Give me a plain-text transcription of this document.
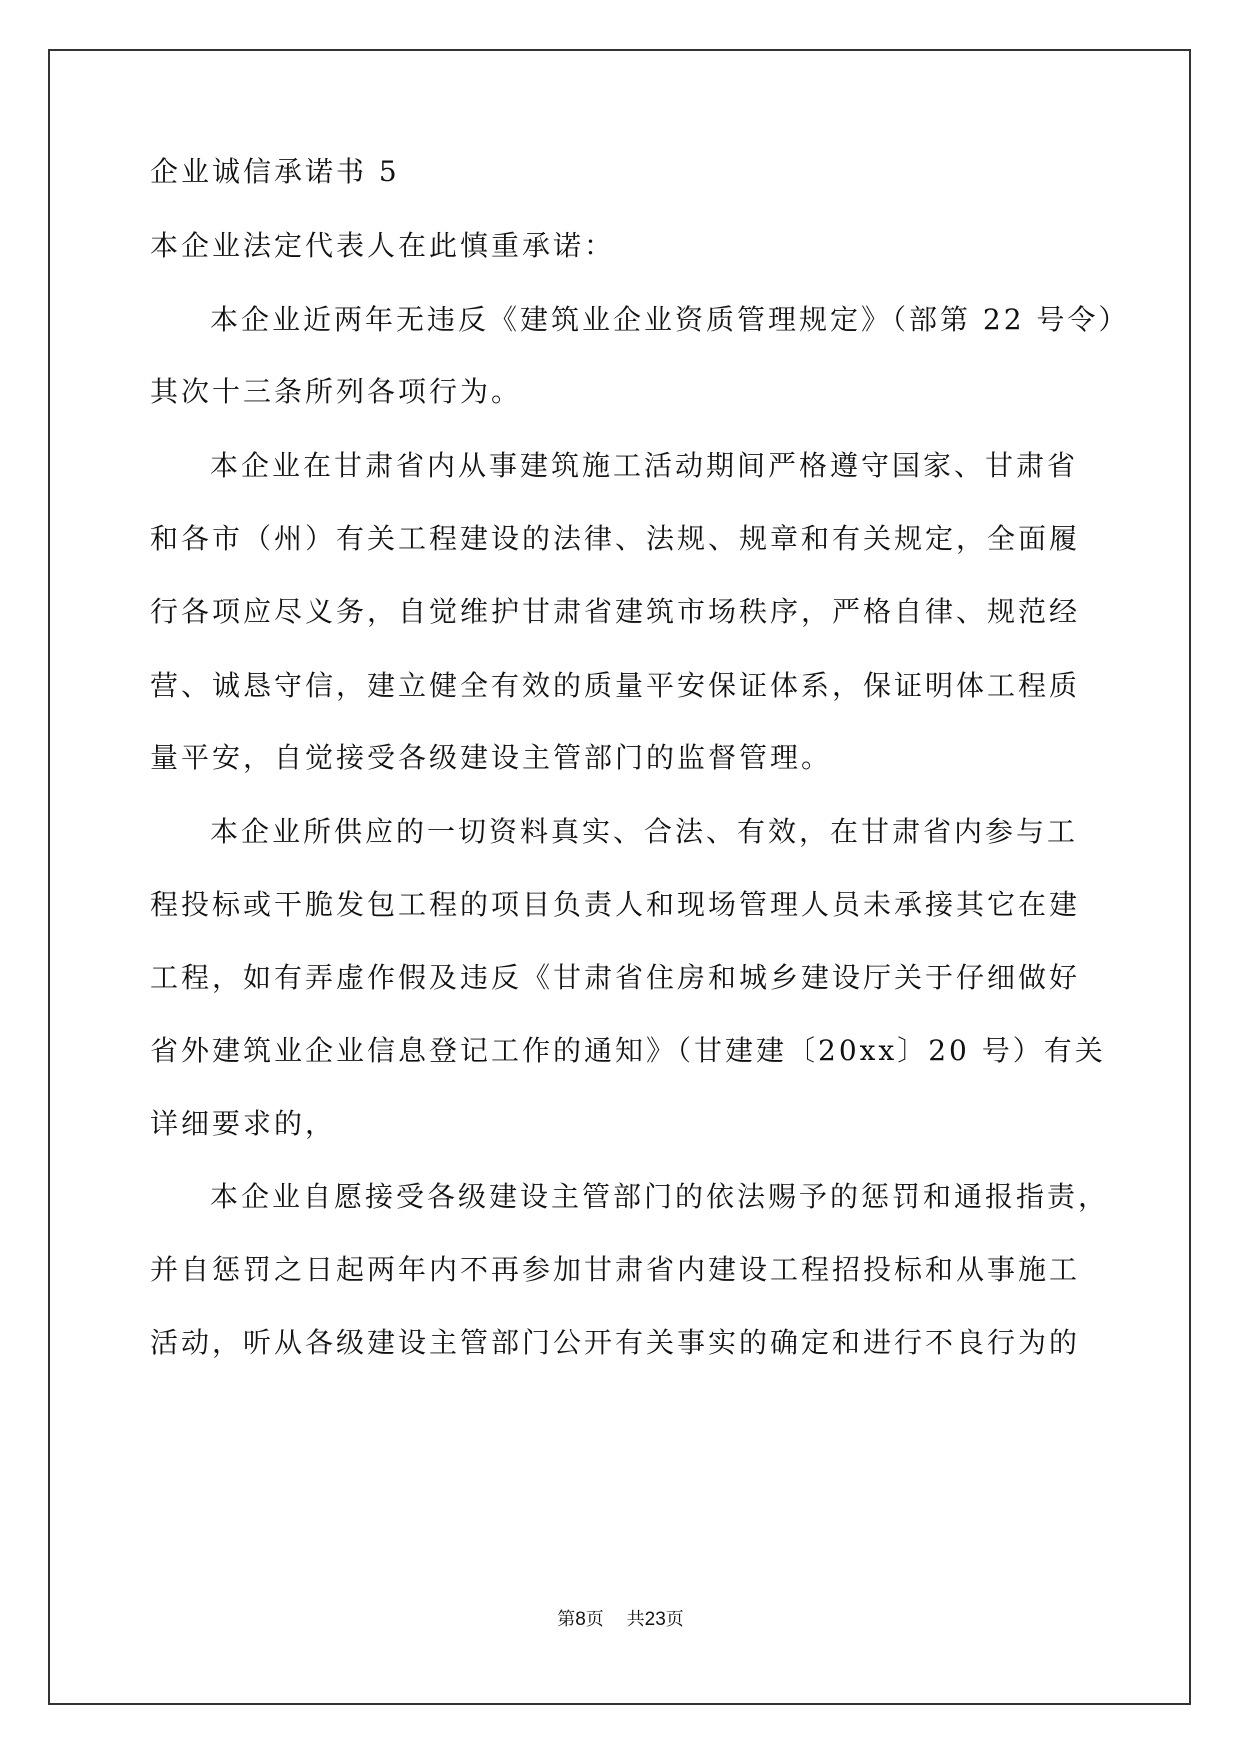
企业诚信承诺书 5
本企业法定代表人在此慎重承诺：
本企业近两年无违反《建筑业企业资质管理规定》（部第 22 号令）
其次十三条所列各项行为。
本企业在甘肃省内从事建筑施工活动期间严格遵守国家、甘肃省
和各市（州）有关工程建设的法律、法规、规章和有关规定，全面履
行各项应尽义务，自觉维护甘肃省建筑市场秩序，严格自律、规范经
营、诚恳守信，建立健全有效的质量平安保证体系，保证明体工程质
量平安，自觉接受各级建设主管部门的监督管理。
本企业所供应的一切资料真实、合法、有效，在甘肃省内参与工
程投标或干脆发包工程的项目负责人和现场管理人员未承接其它在建
工程，如有弄虚作假及违反《甘肃省住房和城乡建设厅关于仔细做好
省外建筑业企业信息登记工作的通知》（甘建建〔20xx〕20 号）有关
详细要求的，
本企业自愿接受各级建设主管部门的依法赐予的惩罚和通报指责，
并自惩罚之日起两年内不再参加甘肃省内建设工程招投标和从事施工
活动，听从各级建设主管部门公开有关事实的确定和进行不良行为的
第8页 共23页
